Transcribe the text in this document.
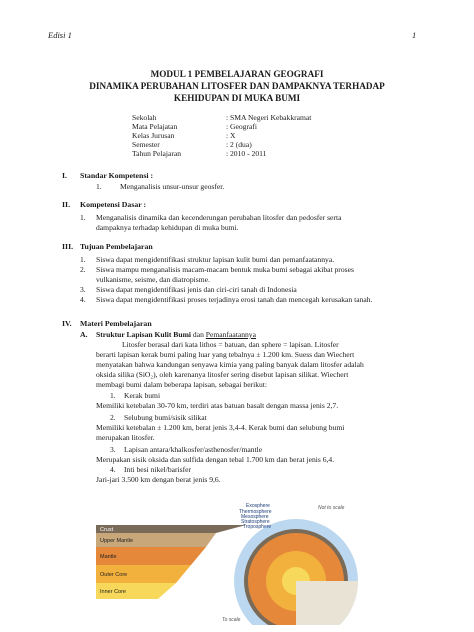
Edisi 1	1
MODUL 1 PEMBELAJARAN GEOGRAFI
DINAMIKA PERUBAHAN LITOSFER DAN DAMPAKNYA TERHADAP
KEHIDUPAN DI MUKA BUMI
Sekolah	: SMA Negeri Kebakkramat
Mata Pelajatan	: Geografi
Kelas Jurusan	: X
Semester	: 2 (dua)
Tahun Pelajaran	: 2010 - 2011
I. Standar Kompetensi :
1. Menganalisis unsur-unsur geosfer.
II. Kompetensi Dasar :
1. Menganalisis dinamika dan kecenderungan perubahan litosfer dan pedosfer serta
dampaknya terhadap kehidupan di muka bumi.
III. Tujuan Pembelajaran
1. Siswa dapat mengidentifikasi struktur lapisan kulit bumi dan pemanfaatannya.
2. Siswa mampu menganalisis macam-macam bentuk muka bumi sebagai akibat proses
vulkanisme, seisme, dan diatropisme.
3. Siswa dapat mengidentifikasi jenis dan ciri-ciri tanah di Indonesia
4. Siswa dapat mengidentifikasi proses terjadinya erosi tanah dan mencegah kerusakan tanah.
IV. Materi Pembelajaran
A. Struktur Lapisan Kulit Bumi dan Pemanfaatannya
Litosfer berasal dari kata lithos = batuan, dan sphere = lapisan. Litosfer
berarti lapisan kerak bumi paling luar yang tebalnya ± 1.200 km. Suess dan Wiechert
menyatakan bahwa kandungan senyawa kimia yang paling banyak dalam litosfer adalah
oksida silika (SiO₂), oleh karenanya litosfer sering disebut lapisan silikat. Wiechert
membagi bumi dalam beberapa lapisan, sebagai berikut:
1. Kerak bumi
Memiliki ketebalan 30-70 km, terdiri atas batuan basalt dengan massa jenis 2,7.
2. Selubung bumi/sisik silikat
Memiliki ketebalan ± 1.200 km, berat jenis 3,4-4. Kerak bumi dan selubung bumi
merupakan litosfer.
3. Lapisan antara/khalkosfer/asthenosfer/mantle
Merupakan sisik oksida dan sulfida dengan tebal 1.700 km dan berat jenis 6,4.
4. Inti besi nikel/barisfer
Jari-jari 3.500 km dengan berat jenis 9,6.
Crust
Upper Mantle
Mantle
Outer Core
Inner Core
Exosphere
Thermosphere
Mesosphere
Stratosphere
Troposphere
Not to scale
To scale
